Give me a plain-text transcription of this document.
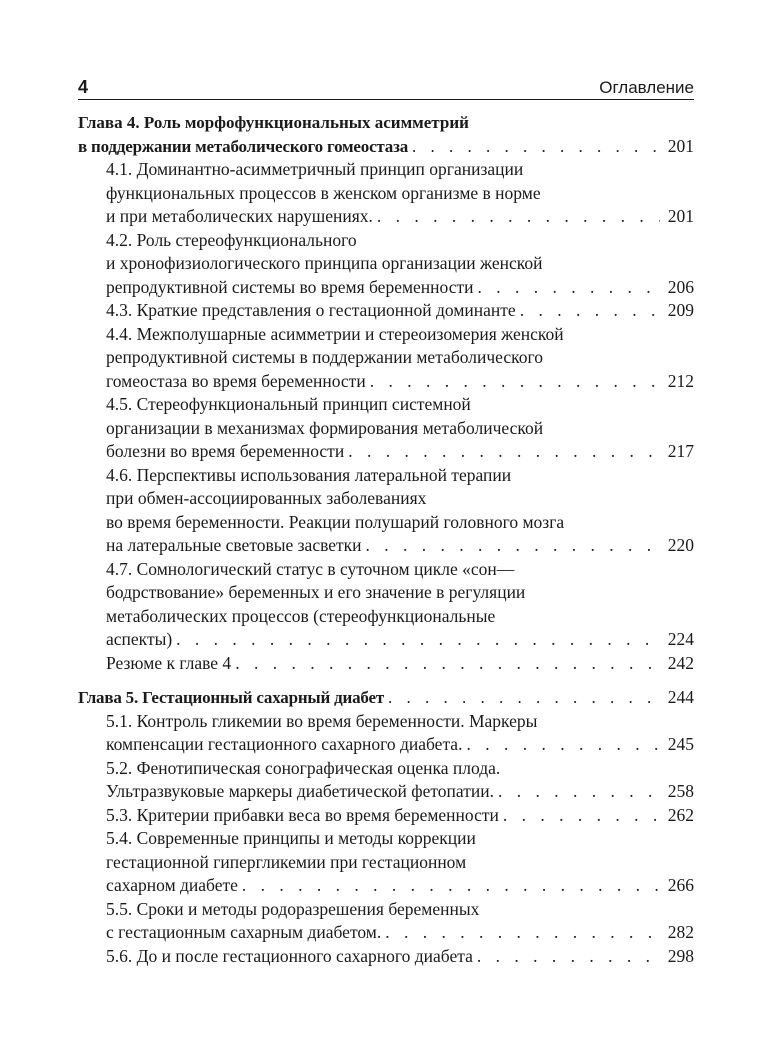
4	Оглавление
Глава 4. Роль морфофункциональных асимметрий
в поддержании метаболического гомеостаза . . .	201
4.1. Доминантно-асимметричный принцип организации
функциональных процессов в женском организме в норме
и при метаболических нарушениях. . . .	201
4.2. Роль стереофункционального
и хронофизиологического принципа организации женской
репродуктивной системы во время беременности . . .	206
4.3. Краткие представления о гестационной доминанте . . .	209
4.4. Межполушарные асимметрии и стереоизомерия женской
репродуктивной системы в поддержании метаболического
гомеостаза во время беременности . . .	212
4.5. Стереофункциональный принцип системной
организации в механизмах формирования метаболической
болезни во время беременности . . .	217
4.6. Перспективы использования латеральной терапии
при обмен-ассоциированных заболеваниях
во время беременности. Реакции полушарий головного мозга
на латеральные световые засветки . . .	220
4.7. Сомнологический статус в суточном цикле «сон—
бодрствование» беременных и его значение в регуляции
метаболических процессов (стереофункциональные
аспекты) . . .	224
Резюме к главе 4 . . .	242
Глава 5. Гестационный сахарный диабет . . .	244
5.1. Контроль гликемии во время беременности. Маркеры
компенсации гестационного сахарного диабета. . . .	245
5.2. Фенотипическая сонографическая оценка плода.
Ультразвуковые маркеры диабетической фетопатии. . . .	258
5.3. Критерии прибавки веса во время беременности . . .	262
5.4. Современные принципы и методы коррекции
гестационной гипергликемии при гестационном
сахарном диабете . . .	266
5.5. Сроки и методы родоразрешения беременных
с гестационным сахарным диабетом. . . .	282
5.6. До и после гестационного сахарного диабета . . .	298
